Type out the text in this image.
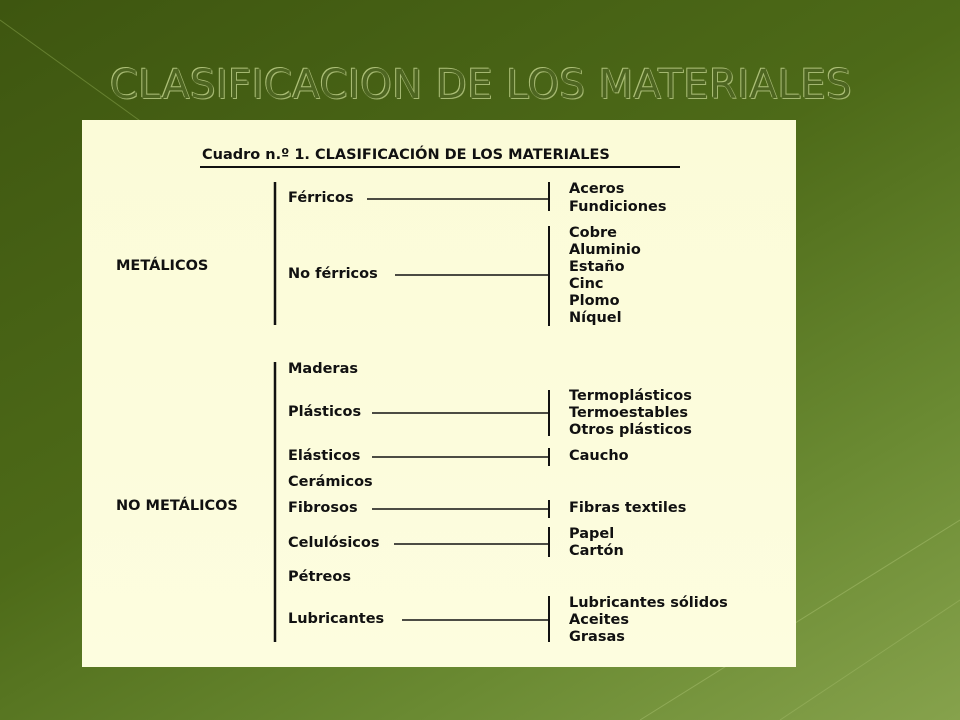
CLASIFICACION DE LOS MATERIALES
Cuadro n.º 1. CLASIFICACIÓN DE LOS MATERIALES
METÁLICOS
NO METÁLICOS
Férricos
No férricos
Aceros
Fundiciones
Cobre
Aluminio
Estaño
Cinc
Plomo
Níquel
Maderas
Plásticos
Elásticos
Cerámicos
Fibrosos
Celulósicos
Pétreos
Lubricantes
Termoplásticos
Termoestables
Otros plásticos
Caucho
Fibras textiles
Papel
Cartón
Lubricantes sólidos
Aceites
Grasas
